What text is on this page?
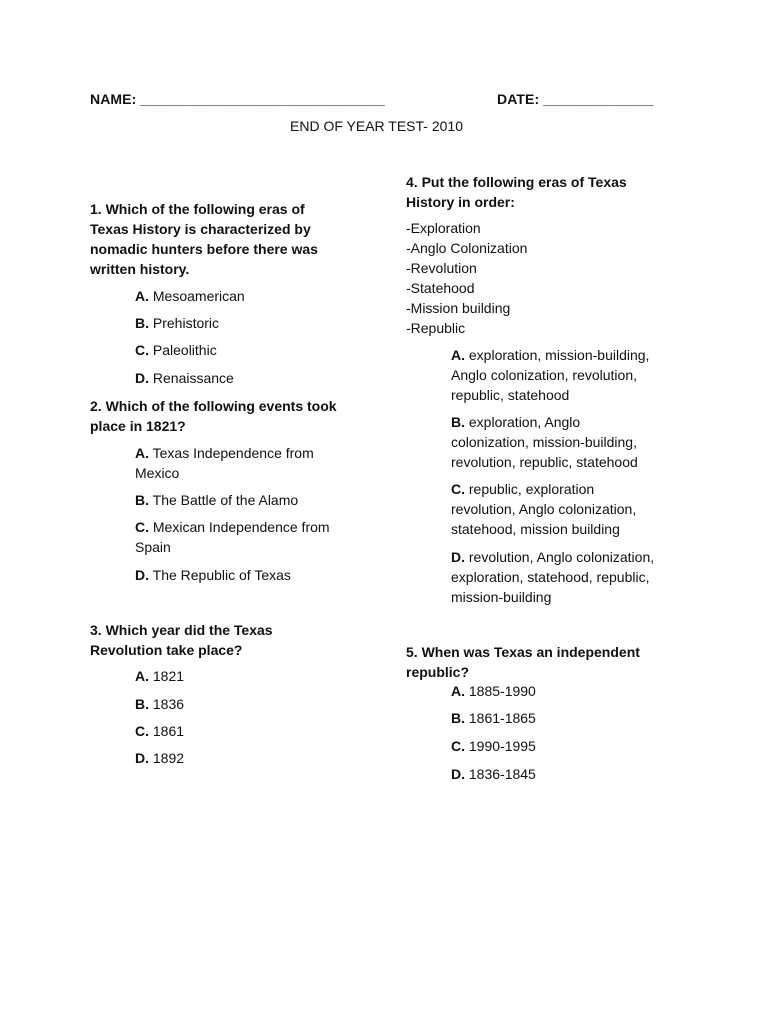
NAME: _______________________________	DATE: ______________
END OF YEAR TEST- 2010
1. Which of the following eras of
Texas History is characterized by
nomadic hunters before there was
written history.
A. Mesoamerican
B. Prehistoric
C. Paleolithic
D. Renaissance
2. Which of the following events took
place in 1821?
A. Texas Independence from
Mexico
B. The Battle of the Alamo
C. Mexican Independence from
Spain
D. The Republic of Texas
3. Which year did the Texas
Revolution take place?
A. 1821
B. 1836
C. 1861
D. 1892
4. Put the following eras of Texas
History in order:
-Exploration
-Anglo Colonization
-Revolution
-Statehood
-Mission building
-Republic
A. exploration, mission-building,
Anglo colonization, revolution,
republic, statehood
B. exploration, Anglo
colonization, mission-building,
revolution, republic, statehood
C. republic, exploration
revolution, Anglo colonization,
statehood, mission building
D. revolution, Anglo colonization,
exploration, statehood, republic,
mission-building
5. When was Texas an independent
republic?
A. 1885-1990
B. 1861-1865
C. 1990-1995
D. 1836-1845
